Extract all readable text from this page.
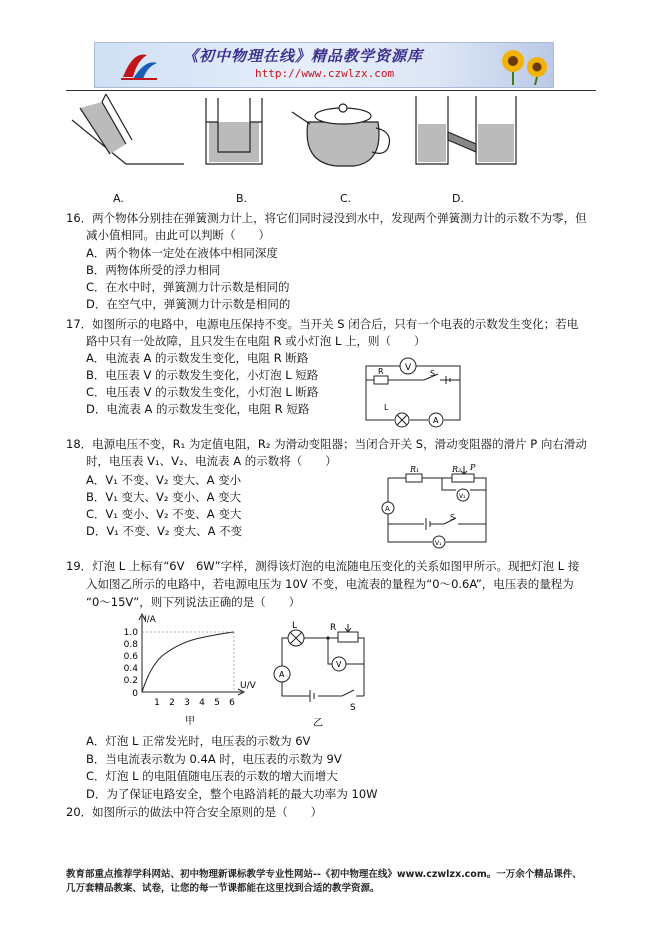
《初中物理在线》精品教学资源库
http://www.czwlzx.com
A.	B.	C.	D.
16．两个物体分别挂在弹簧测力计上，将它们同时浸没到水中，发现两个弹簧测力计的示数不为零，但
减小值相同。由此可以判断（　　）
A．两个物体一定处在液体中相同深度
B．两物体所受的浮力相同
C．在水中时，弹簧测力计示数是相同的
D．在空气中，弹簧测力计示数是相同的
17．如图所示的电路中，电源电压保持不变。当开关 S 闭合后，只有一个电表的示数发生变化；若电
路中只有一处故障，且只发生在电阻 R 或小灯泡 L 上，则（　　）
A．电流表 A 的示数发生变化，电阻 R 断路
B．电压表 V 的示数发生变化，小灯泡 L 短路
C．电压表 V 的示数发生变化，小灯泡 L 断路
D．电流表 A 的示数发生变化，电阻 R 短路
V
R	S
L
A
18．电源电压不变，R₁ 为定值电阻，R₂ 为滑动变阻器；当闭合开关 S，滑动变阻器的滑片 P 向右滑动
时，电压表 V₁、V₂、电流表 A 的示数将（　　）
A．V₁ 不变、V₂ 变大、A 变小
B．V₁ 变大、V₂ 变小、A 变大
C．V₁ 变小、V₂ 不变、A 变大
D．V₁ 不变、V₂ 变大、A 不变
R₁	R₂ P
S
A
V₂
V₁
19．灯泡 L 上标有“6V　6W”字样，测得该灯泡的电流随电压变化的关系如图甲所示。现把灯泡 L 接
入如图乙所示的电路中，若电源电压为 10V 不变，电流表的量程为“0～0.6A”，电压表的量程为
“0～15V”，则下列说法正确的是（　　）
I/A
U/V
1.0
0.8
0.6
0.4
0.2
0
1 2 3 4 5 6
甲
L	R
A
V
S
乙
A．灯泡 L 正常发光时，电压表的示数为 6V
B．当电流表示数为 0.4A 时，电压表的示数为 9V
C．灯泡 L 的电阻值随电压表的示数的增大而增大
D．为了保证电路安全，整个电路消耗的最大功率为 10W
20．如图所示的做法中符合安全原则的是（　　）
教育部重点推荐学科网站、初中物理新课标教学专业性网站--《初中物理在线》www.czwlzx.com。一万余个精品课件、
几万套精品教案、试卷，让您的每一节课都能在这里找到合适的教学资源。
